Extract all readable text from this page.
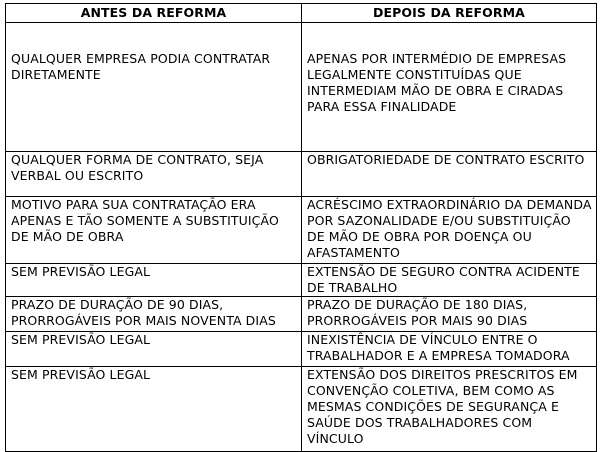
ANTES DA REFORMA	DEPOIS DA REFORMA
QUALQUER EMPRESA PODIA CONTRATAR DIRETAMENTE	APENAS POR INTERMÉDIO DE EMPRESAS LEGALMENTE CONSTITUÍDAS QUE INTERMEDIAM MÃO DE OBRA E CIRADAS PARA ESSA FINALIDADE
QUALQUER FORMA DE CONTRATO, SEJA VERBAL OU ESCRITO	OBRIGATORIEDADE DE CONTRATO ESCRITO
MOTIVO PARA SUA CONTRATAÇÃO ERA APENAS E TÃO SOMENTE A SUBSTITUIÇÃO DE MÃO DE OBRA	ACRÉSCIMO EXTRAORDINÁRIO DA DEMANDA POR SAZONALIDADE E/OU SUBSTITUIÇÃO DE MÃO DE OBRA POR DOENÇA OU AFASTAMENTO
SEM PREVISÃO LEGAL	EXTENSÃO DE SEGURO CONTRA ACIDENTE DE TRABALHO
PRAZO DE DURAÇÃO DE 90 DIAS, PRORROGÁVEIS POR MAIS NOVENTA DIAS	PRAZO DE DURAÇÃO DE 180 DIAS, PRORROGÁVEIS POR MAIS 90 DIAS
SEM PREVISÃO LEGAL	INEXISTÊNCIA DE VÍNCULO ENTRE O TRABALHADOR E A EMPRESA TOMADORA
SEM PREVISÃO LEGAL	EXTENSÃO DOS DIREITOS PRESCRITOS EM CONVENÇÃO COLETIVA, BEM COMO AS MESMAS CONDIÇÕES DE SEGURANÇA E SAÚDE DOS TRABALHADORES COM VÍNCULO
